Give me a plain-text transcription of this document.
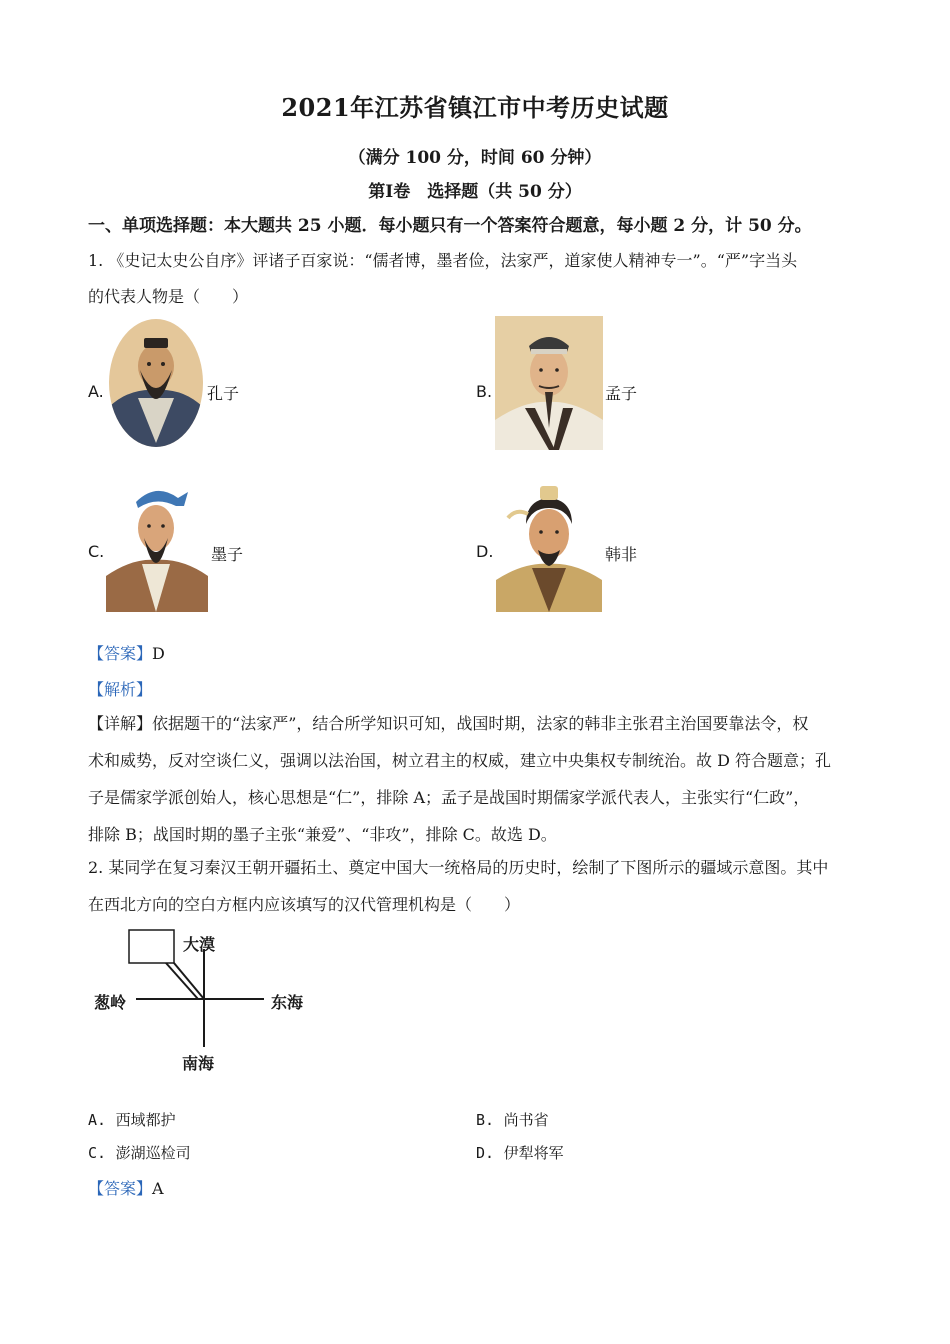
2021年江苏省镇江市中考历史试题
（满分 100 分，时间 60 分钟）
第Ⅰ卷　选择题（共 50 分）
一、单项选择题：本大题共 25 小题．每小题只有一个答案符合题意，每小题 2 分，计 50 分。
1. 《史记太史公自序》评诸子百家说：“儒者博，墨者俭，法家严，道家使人精神专一”。“严”字当头
的代表人物是（　　）
A.	孔子	B.	孟子
C.	墨子	D.	韩非
【答案】D
【解析】
【详解】依据题干的“法家严”，结合所学知识可知，战国时期，法家的韩非主张君主治国要靠法令，权
术和威势，反对空谈仁义，强调以法治国，树立君主的权威，建立中央集权专制统治。故 D 符合题意；孔
子是儒家学派创始人，核心思想是“仁”，排除 A；孟子是战国时期儒家学派代表人，主张实行“仁政”，
排除 B；战国时期的墨子主张“兼爱”、“非攻”，排除 C。故选 D。
2. 某同学在复习秦汉王朝开疆拓土、奠定中国大一统格局的历史时，绘制了下图所示的疆域示意图。其中
在西北方向的空白方框内应该填写的汉代管理机构是（　　）
大漠
葱岭	东海
南海
A. 西域都护	B. 尚书省
C. 澎湖巡检司	D. 伊犁将军
【答案】A
